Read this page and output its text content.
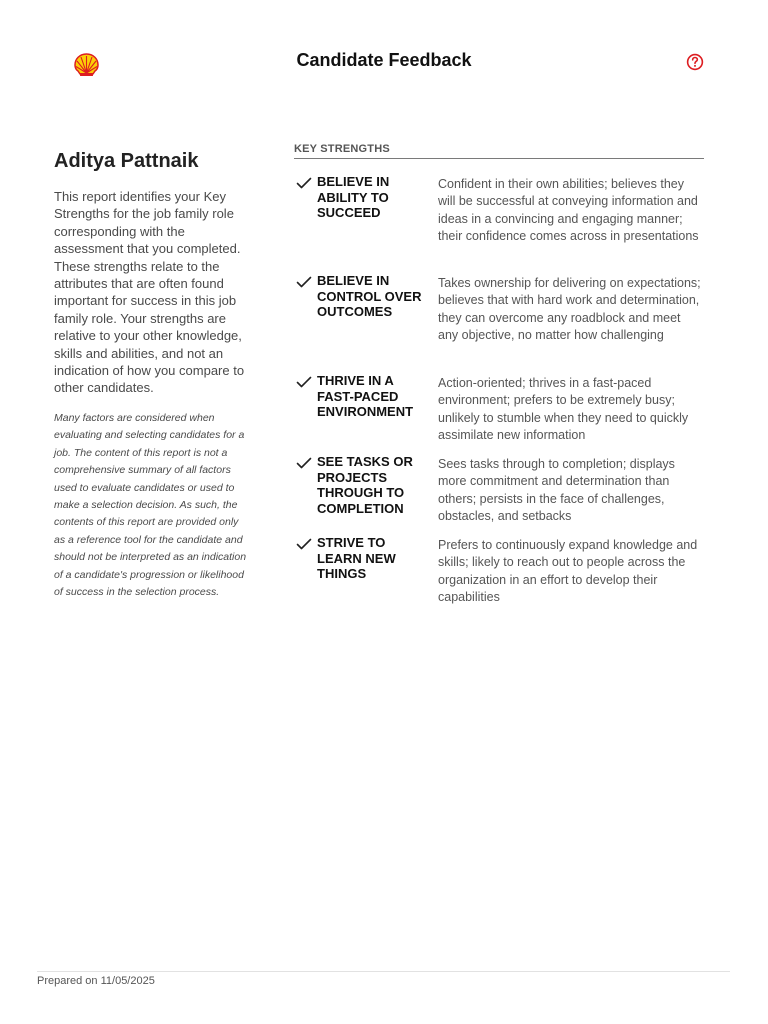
Candidate Feedback
Aditya Pattnaik

This report identifies your Key Strengths for the job family role corresponding with the assessment that you completed. These strengths relate to the attributes that are often found important for success in this job family role. Your strengths are relative to your other knowledge, skills and abilities, and not an indication of how you compare to other candidates.

Many factors are considered when evaluating and selecting candidates for a job. The content of this report is not a comprehensive summary of all factors used to evaluate candidates or used to make a selection decision. As such, the contents of this report are provided only as a reference tool for the candidate and should not be interpreted as an indication of a candidate's progression or likelihood of success in the selection process.

KEY STRENGTHS
BELIEVE IN ABILITY TO SUCCEED
Confident in their own abilities; believes they will be successful at conveying information and ideas in a convincing and engaging manner; their confidence comes across in presentations
BELIEVE IN CONTROL OVER OUTCOMES
Takes ownership for delivering on expectations; believes that with hard work and determination, they can overcome any roadblock and meet any objective, no matter how challenging
THRIVE IN A FAST-PACED ENVIRONMENT
Action-oriented; thrives in a fast-paced environment; prefers to be extremely busy; unlikely to stumble when they need to quickly assimilate new information
SEE TASKS OR PROJECTS THROUGH TO COMPLETION
Sees tasks through to completion; displays more commitment and determination than others; persists in the face of challenges, obstacles, and setbacks
STRIVE TO LEARN NEW THINGS
Prefers to continuously expand knowledge and skills; likely to reach out to people across the organization in an effort to develop their capabilities
Prepared on 11/05/2025
